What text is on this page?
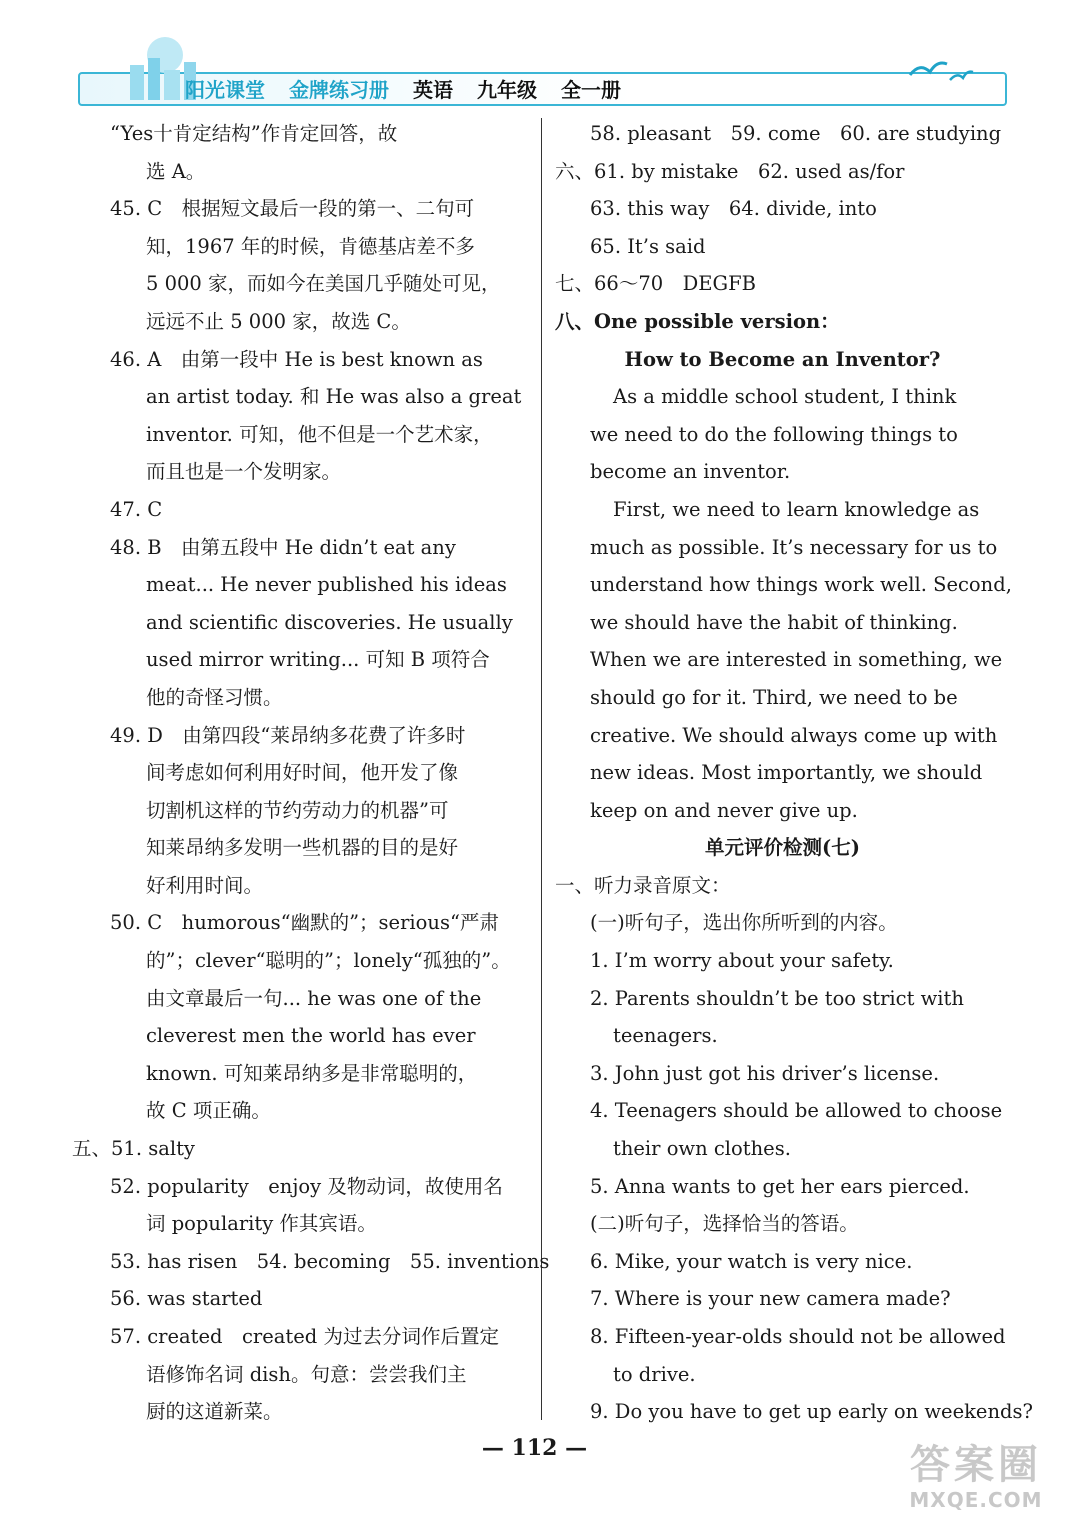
阳光课堂 金牌练习册 英语 九年级 全一册
“Yes十肯定结构”作肯定回答，故
选 A。
45. C　根据短文最后一段的第一、二句可
知，1967 年的时候，肯德基店差不多
5 000 家，而如今在美国几乎随处可见，
远远不止 5 000 家，故选 C。
46. A　由第一段中 He is best known as
an artist today. 和 He was also a great
inventor. 可知，他不但是一个艺术家，
而且也是一个发明家。
47. C
48. B　由第五段中 He didn’t eat any
meat... He never published his ideas
and scientific discoveries. He usually
used mirror writing... 可知 B 项符合
他的奇怪习惯。
49. D　由第四段“莱昂纳多花费了许多时
间考虑如何利用好时间，他开发了像
切割机这样的节约劳动力的机器”可
知莱昂纳多发明一些机器的目的是好
好利用时间。
50. C　humorous“幽默的”；serious“严肃
的”；clever“聪明的”；lonely“孤独的”。
由文章最后一句... he was one of the
cleverest men the world has ever
known. 可知莱昂纳多是非常聪明的，
故 C 项正确。
五、51. salty
52. popularity　enjoy 及物动词，故使用名
词 popularity 作其宾语。
53. has risen　54. becoming　55. inventions
56. was started
57. created　created 为过去分词作后置定
语修饰名词 dish。句意：尝尝我们主
厨的这道新菜。
58. pleasant　59. come　60. are studying
六、61. by mistake　62. used as/for
63. this way　64. divide, into
65. It’s said
七、66～70　DEGFB
八、One possible version：
How to Become an Inventor?
As a middle school student, I think
we need to do the following things to
become an inventor.
First, we need to learn knowledge as
much as possible. It’s necessary for us to
understand how things work well. Second,
we should have the habit of thinking.
When we are interested in something, we
should go for it. Third, we need to be
creative. We should always come up with
new ideas. Most importantly, we should
keep on and never give up.
单元评价检测(七)
一、听力录音原文：
(一)听句子，选出你所听到的内容。
1. I’m worry about your safety.
2. Parents shouldn’t be too strict with
teenagers.
3. John just got his driver’s license.
4. Teenagers should be allowed to choose
their own clothes.
5. Anna wants to get her ears pierced.
(二)听句子，选择恰当的答语。
6. Mike, your watch is very nice.
7. Where is your new camera made?
8. Fifteen-year-olds should not be allowed
to drive.
9. Do you have to get up early on weekends?
— 112 —	答案圈
MXQE.COM
